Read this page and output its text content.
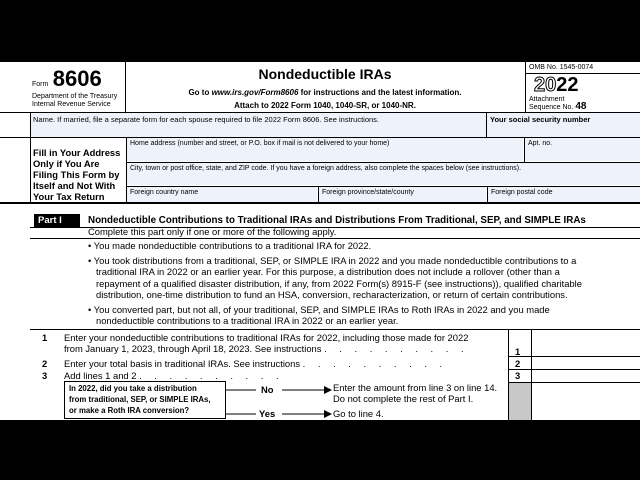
Form 8606
Department of the Treasury
Internal Revenue Service
Nondeductible IRAs
Go to www.irs.gov/Form8606 for instructions and the latest information.
Attach to 2022 Form 1040, 1040-SR, or 1040-NR.
OMB No. 1545-0074
2022
Attachment
Sequence No. 48
Name. If married, file a separate form for each spouse required to file 2022 Form 8606. See instructions.	Your social security number
Fill in Your Address
Only if You Are
Filing This Form by
Itself and Not With
Your Tax Return
Home address (number and street, or P.O. box if mail is not delivered to your home)	Apt. no.
City, town or post office, state, and ZIP code. If you have a foreign address, also complete the spaces below (see instructions).
Foreign country name	Foreign province/state/county	Foreign postal code
Part I	Nondeductible Contributions to Traditional IRAs and Distributions From Traditional, SEP, and SIMPLE IRAs
Complete this part only if one or more of the following apply.
• You made nondeductible contributions to a traditional IRA for 2022.
• You took distributions from a traditional, SEP, or SIMPLE IRA in 2022 and you made nondeductible contributions to a
traditional IRA in 2022 or an earlier year. For this purpose, a distribution does not include a rollover (other than a
repayment of a qualified disaster distribution, if any, from 2022 Form(s) 8915-F (see instructions)), qualified charitable
distribution, one-time distribution to fund an HSA, conversion, recharacterization, or return of certain contributions.
• You converted part, but not all, of your traditional, SEP, and SIMPLE IRAs to Roth IRAs in 2022 and you made
nondeductible contributions to a traditional IRA in 2022 or an earlier year.
1 Enter your nondeductible contributions to traditional IRAs for 2022, including those made for 2022
from January 1, 2023, through April 18, 2023. See instructions . . . . . . . . . .
2 Enter your total basis in traditional IRAs. See instructions . . . . . . . . . .
3 Add lines 1 and 2 . . . . . . . . . .
1
2
3
In 2022, did you take a distribution
from traditional, SEP, or SIMPLE IRAs,
or make a Roth IRA conversion?
No
Yes
Enter the amount from line 3 on line 14.
Do not complete the rest of Part I.
Go to line 4.
